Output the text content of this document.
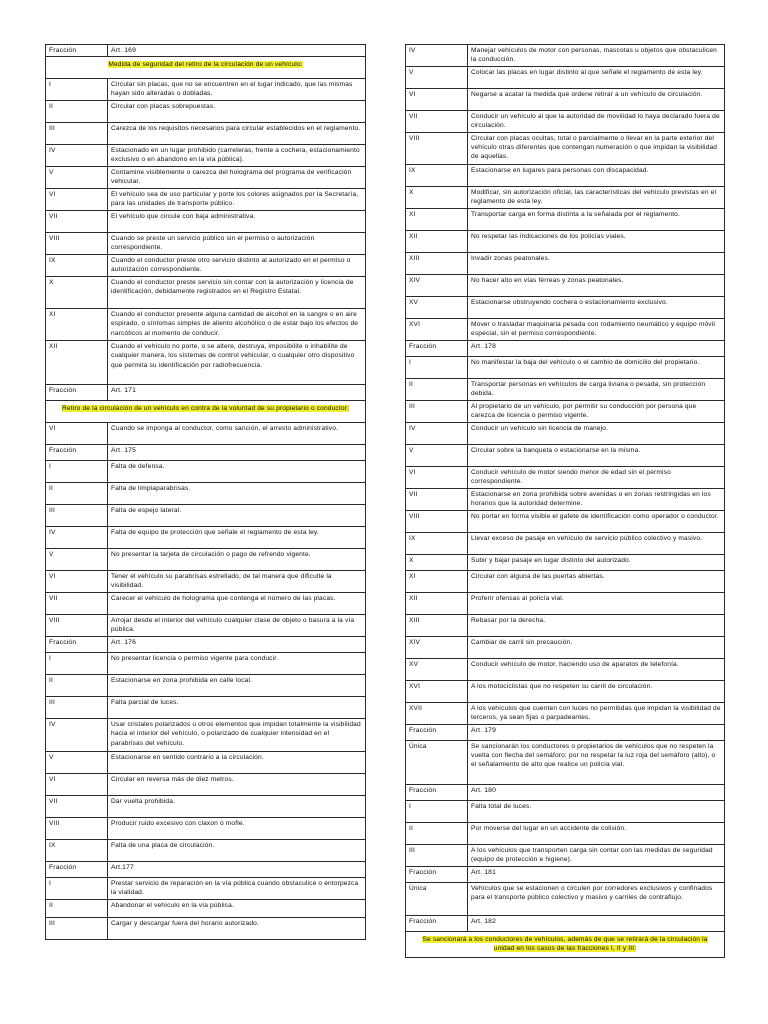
Fracción	Art. 169
Medida de seguridad del retiro de la circulación de un vehículo:	
I	Circular sin placas, que no se encuentren en el lugar indicado, que las mismas hayan sido alteradas o dobladas.
II	Circular con placas sobrepuestas.
III	Carezca de los requisitos necesarios para circular establecidos en el reglamento.
IV	Estacionado en un lugar prohibido (carreteras, frente a cochera, estacionamiento exclusivo o en abandono en la vía pública).
V	Contamine visiblemente o carezca del holograma del programa de verificación vehicular.
VI	El vehículo sea de uso particular y porte los colores asignados por la Secretaría, para las unidades de transporte público.
VII	El vehículo que circule con baja administrativa.
VIII	Cuando se preste un servicio público sin el permiso o autorización correspondiente.
IX	Cuando el conductor preste otro servicio distinto al autorizado en el permiso o autorización correspondiente.
X	Cuando el conductor preste servicio sin contar con la autorización y licencia de identificación, debidamente registrados en el Registro Estatal.
XI	Cuando el conductor presente alguna cantidad de alcohol en la sangre o en aire espirado, o síntomas simples de aliento alcohólico o de estar bajo los efectos de narcóticos al momento de conducir.
XII	Cuando el vehículo no porte, o se altere, destruya, imposibilite o inhabilite de cualquier manera, los sistemas de control vehicular, o cualquier otro dispositivo que permita su identificación por radiofrecuencia.
Fracción	Art. 171
Retiro de la circulación de un vehículo en contra de la voluntad de su propietario o conductor:	
VI	Cuando se imponga al conductor, como sanción, el arresto administrativo.
Fracción	Art. 175
I	Falta de defensa.
II	Falta de limpiaparabrisas.
III	Falta de espejo lateral.
IV	Falta de equipo de protección que señale el reglamento de esta ley.
V	No presentar la tarjeta de circulación o pago de refrendo vigente.
VI	Tener el vehículo su parabrisas estrellado, de tal manera que dificulte la visibilidad.
VII	Carecer el vehículo de holograma que contenga el número de las placas.
VIII	Arrojar desde el interior del vehículo cualquier clase de objeto o basura a la vía pública.
Fracción	Art. 176
I	No presentar licencia o permiso vigente para conducir.
II	Estacionarse en zona prohibida en calle local.
III	Falta parcial de luces.
IV	Usar cristales polarizados u otros elementos que impidan totalmente la visibilidad hacia el interior del vehículo, o polarizado de cualquier intensidad en el parabrisas del vehículo.
V	Estacionarse en sentido contrario a la circulación.
VI	Circular en reversa más de diez metros.
VII	Dar vuelta prohibida.
VIII	Producir ruido excesivo con claxon o mofle.
IX	Falta de una placa de circulación.
Fracción	Art.177
I	Prestar servicio de reparación en la vía pública cuando obstaculice o entorpezca la vialidad.
II	Abandonar el vehículo en la vía pública.
III	Cargar y descargar fuera del horario autorizado.
IV	Manejar vehículos de motor con personas, mascotas u objetos que obstaculicen la conducción.
V	Colocar las placas en lugar distinto al que señale el reglamento de esta ley.
VI	Negarse a acatar la medida que ordene retirar a un vehículo de circulación.
VII	Conducir un vehículo al que la autoridad de movilidad lo haya declarado fuera de circulación.
VIII	Circular con placas ocultas, total o parcialmente o llevar en la parte exterior del vehículo otras diferentes que contengan numeración o que impidan la visibilidad de aquellas.
IX	Estacionarse en lugares para personas con discapacidad.
X	Modificar, sin autorización oficial, las características del vehículo previstas en el reglamento de esta ley.
XI	Transportar carga en forma distinta a la señalada por el reglamento.
XII	No respetar las indicaciones de los policías viales.
XIII	Invadir zonas peatonales.
XIV	No hacer alto en vías férreas y zonas peatonales.
XV	Estacionarse obstruyendo cochera o estacionamiento exclusivo.
XVI	Mover o trasladar maquinaria pesada con rodamiento neumático y equipo móvil especial, sin el permiso correspondiente.
Fracción	Art. 178
I	No manifestar la baja del vehículo o el cambio de domicilio del propietario.
II	Transportar personas en vehículos de carga liviana o pesada, sin protección debida.
III	Al propietario de un vehículo, por permitir su conducción por persona que carezca de licencia o permiso vigente.
IV	Conducir un vehículo sin licencia de manejo.
V	Circular sobre la banqueta o estacionarse en la misma.
VI	Conducir vehículo de motor siendo menor de edad sin el permiso correspondiente.
VII	Estacionarse en zona prohibida sobre avenidas o en zonas restringidas en los horarios que la autoridad determine.
VIII	No portar en forma visible el gafete de identificación como operador o conductor.
IX	Llevar exceso de pasaje en vehículo de servicio público colectivo y masivo.
X	Subir y bajar pasaje en lugar distinto del autorizado.
XI	Circular con alguna de las puertas abiertas.
XII	Proferir ofensas al policía vial.
XIII	Rebasar por la derecha.
XIV	Cambiar de carril sin precaución.
XV	Conducir vehículo de motor, haciendo uso de aparatos de telefonía.
XVI	A los motociclistas que no respeten su carril de circulación.
XVII	A los vehículos que cuenten con luces no permitidas que impidan la visibilidad de terceros, ya sean fijas o parpadeantes.
Fracción	Art. 179
Única	Se sancionarán los conductores o propietarios de vehículos que no respeten la vuelta con flecha del semáforo; por no respetar la luz roja del semáforo (alto), o el señalamiento de alto que realice un policía vial.
Fracción	Art. 180
I	Falta total de luces.
II	Por moverse del lugar en un accidente de colisión.
III	A los vehículos que transporten carga sin contar con las medidas de seguridad (equipo de protección e higiene).
Fracción	Art. 181
Única	Vehículos que se estacionen o circulen por corredores exclusivos y confinados para el transporte público colectivo y masivo y carriles de contraflujo.
Fracción	Art. 182
Se sancionará a los conductores de vehículos, además de que se retirará de la circulación la unidad en los casos de las fracciones I, II y III:	
